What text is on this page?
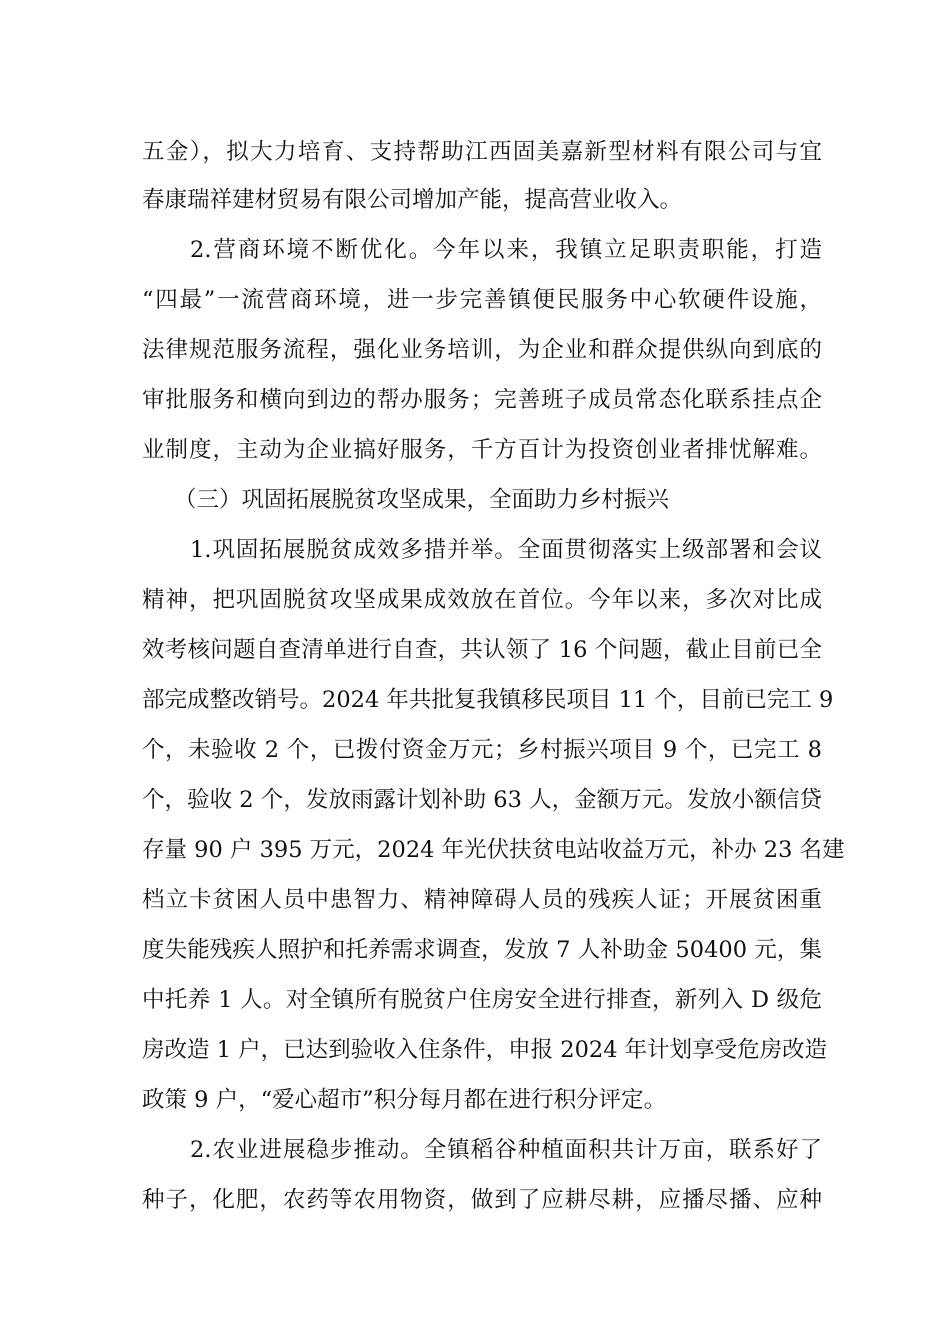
五金），拟大力培育、支持帮助江西固美嘉新型材料有限公司与宜
春康瑞祥建材贸易有限公司增加产能，提高营业收入。
2.营商环境不断优化。今年以来，我镇立足职责职能，打造
“四最”一流营商环境，进一步完善镇便民服务中心软硬件设施，
法律规范服务流程，强化业务培训，为企业和群众提供纵向到底的
审批服务和横向到边的帮办服务；完善班子成员常态化联系挂点企
业制度，主动为企业搞好服务，千方百计为投资创业者排忧解难。
（三）巩固拓展脱贫攻坚成果，全面助力乡村振兴
1.巩固拓展脱贫成效多措并举。全面贯彻落实上级部署和会议
精神，把巩固脱贫攻坚成果成效放在首位。今年以来，多次对比成
效考核问题自查清单进行自查，共认领了 16 个问题，截止目前已全
部完成整改销号。2024 年共批复我镇移民项目 11 个，目前已完工 9
个，未验收 2 个，已拨付资金万元；乡村振兴项目 9 个，已完工 8
个，验收 2 个，发放雨露计划补助 63 人，金额万元。发放小额信贷
存量 90 户 395 万元，2024 年光伏扶贫电站收益万元，补办 23 名建
档立卡贫困人员中患智力、精神障碍人员的残疾人证；开展贫困重
度失能残疾人照护和托养需求调查，发放 7 人补助金 50400 元，集
中托养 1 人。对全镇所有脱贫户住房安全进行排查，新列入 D 级危
房改造 1 户，已达到验收入住条件，申报 2024 年计划享受危房改造
政策 9 户，“爱心超市”积分每月都在进行积分评定。
2.农业进展稳步推动。全镇稻谷种植面积共计万亩，联系好了
种子，化肥，农药等农用物资，做到了应耕尽耕，应播尽播、应种
